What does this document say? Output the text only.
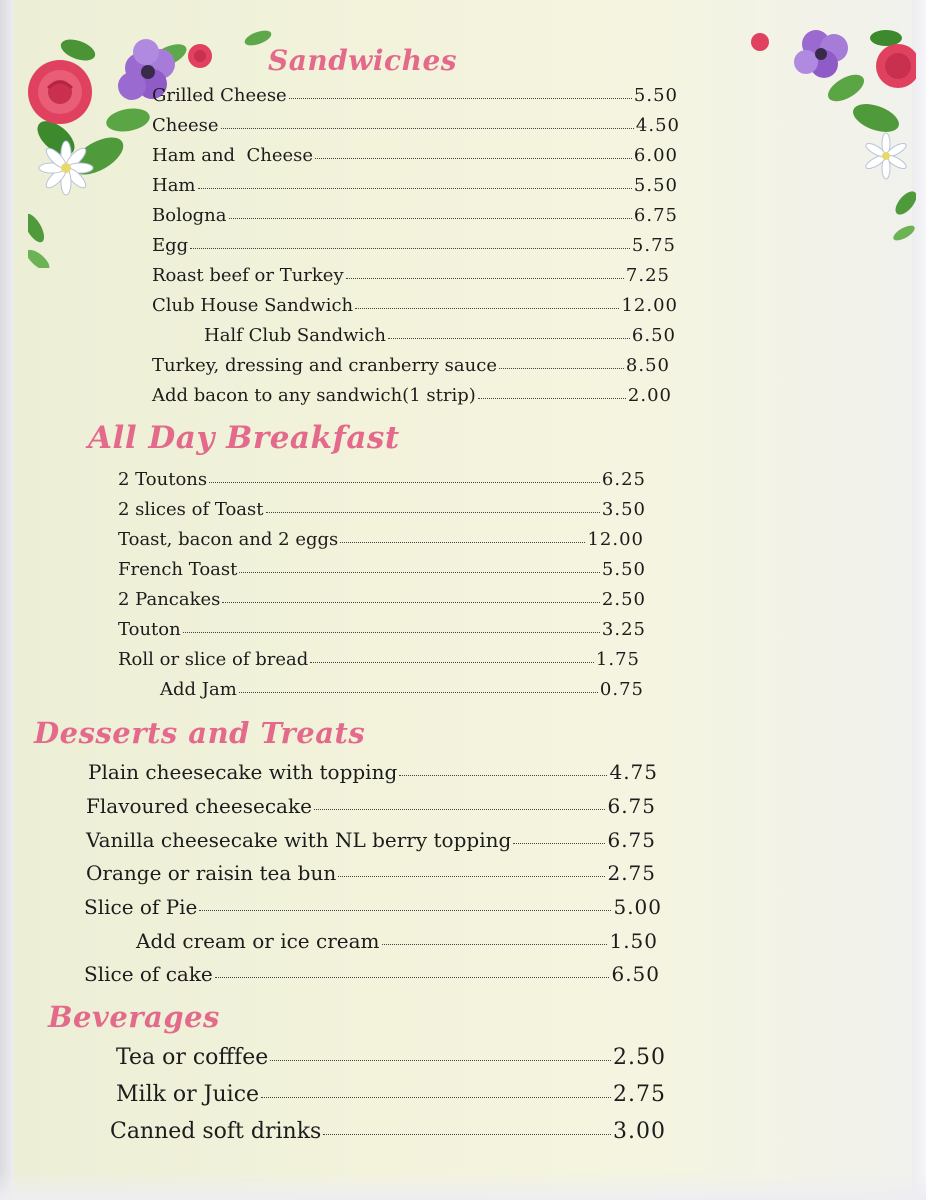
Sandwiches
All Day Breakfast
Desserts and Treats
Beverages
Grilled Cheese	5.50
Cheese	4.50
Ham and  Cheese	6.00
Ham	5.50
Bologna	6.75
Egg	5.75
Roast beef or Turkey	7.25
Club House Sandwich	12.00
Half Club Sandwich	6.50
Turkey, dressing and cranberry sauce	8.50
Add bacon to any sandwich(1 strip)	2.00
2 Toutons	6.25
2 slices of Toast	3.50
Toast, bacon and 2 eggs	12.00
French Toast	5.50
2 Pancakes	2.50
Touton	3.25
Roll or slice of bread	1.75
Add Jam	0.75
Plain cheesecake with topping	4.75
Flavoured cheesecake	6.75
Vanilla cheesecake with NL berry topping	6.75
Orange or raisin tea bun	2.75
Slice of Pie	5.00
Add cream or ice cream	1.50
Slice of cake	6.50
Tea or cofffee	2.50
Milk or Juice	2.75
Canned soft drinks	3.00
